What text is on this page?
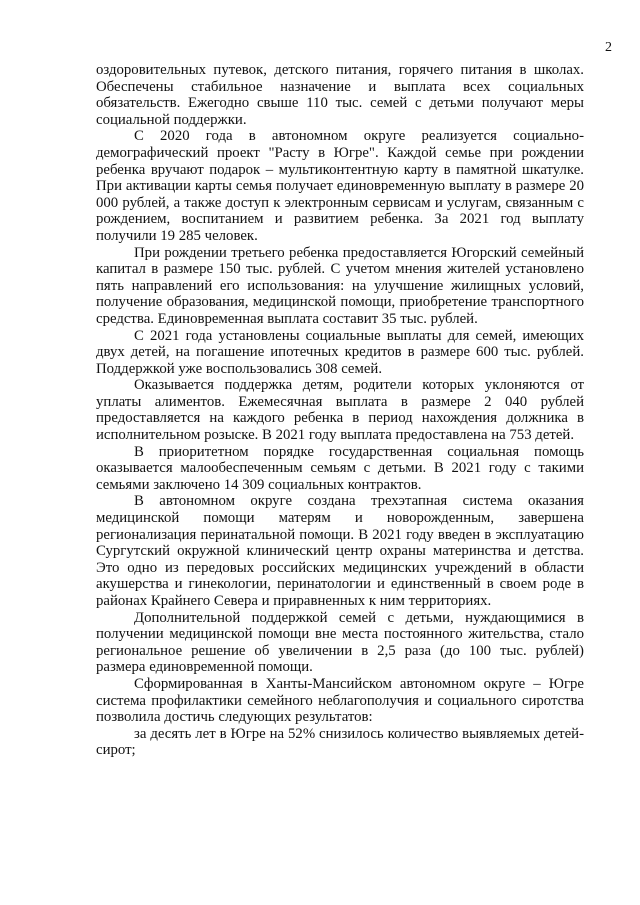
2

оздоровительных путевок, детского питания, горячего питания в школах. Обеспечены стабильное назначение и выплата всех социальных обязательств. Ежегодно свыше 110 тыс. семей с детьми получают меры социальной поддержки.

С 2020 года в автономном округе реализуется социально-демографический проект "Расту в Югре". Каждой семье при рождении ребенка вручают подарок – мультиконтентную карту в памятной шкатулке. При активации карты семья получает единовременную выплату в размере 20 000 рублей, а также доступ к электронным сервисам и услугам, связанным с рождением, воспитанием и развитием ребенка. За 2021 год выплату получили 19 285 человек.

При рождении третьего ребенка предоставляется Югорский семейный капитал в размере 150 тыс. рублей. С учетом мнения жителей установлено пять направлений его использования: на улучшение жилищных условий, получение образования, медицинской помощи, приобретение транспортного средства. Единовременная выплата составит 35 тыс. рублей.

С 2021 года установлены социальные выплаты для семей, имеющих двух детей, на погашение ипотечных кредитов в размере 600 тыс. рублей. Поддержкой уже воспользовались 308 семей.

Оказывается поддержка детям, родители которых уклоняются от уплаты алиментов. Ежемесячная выплата в размере 2 040 рублей предоставляется на каждого ребенка в период нахождения должника в исполнительном розыске. В 2021 году выплата предоставлена на 753 детей.

В приоритетном порядке государственная социальная помощь оказывается малообеспеченным семьям с детьми. В 2021 году с такими семьями заключено 14 309 социальных контрактов.

В автономном округе создана трехэтапная система оказания медицинской помощи матерям и новорожденным, завершена регионализация перинатальной помощи. В 2021 году введен в эксплуатацию Сургутский окружной клинический центр охраны материнства и детства. Это одно из передовых российских медицинских учреждений в области акушерства и гинекологии, перинатологии и единственный в своем роде в районах Крайнего Севера и приравненных к ним территориях.

Дополнительной поддержкой семей с детьми, нуждающимися в получении медицинской помощи вне места постоянного жительства, стало региональное решение об увеличении в 2,5 раза (до 100 тыс. рублей) размера единовременной помощи.

Сформированная в Ханты-Мансийском автономном округе – Югре система профилактики семейного неблагополучия и социального сиротства позволила достичь следующих результатов:

за десять лет в Югре на 52% снизилось количество выявляемых детей-сирот;
